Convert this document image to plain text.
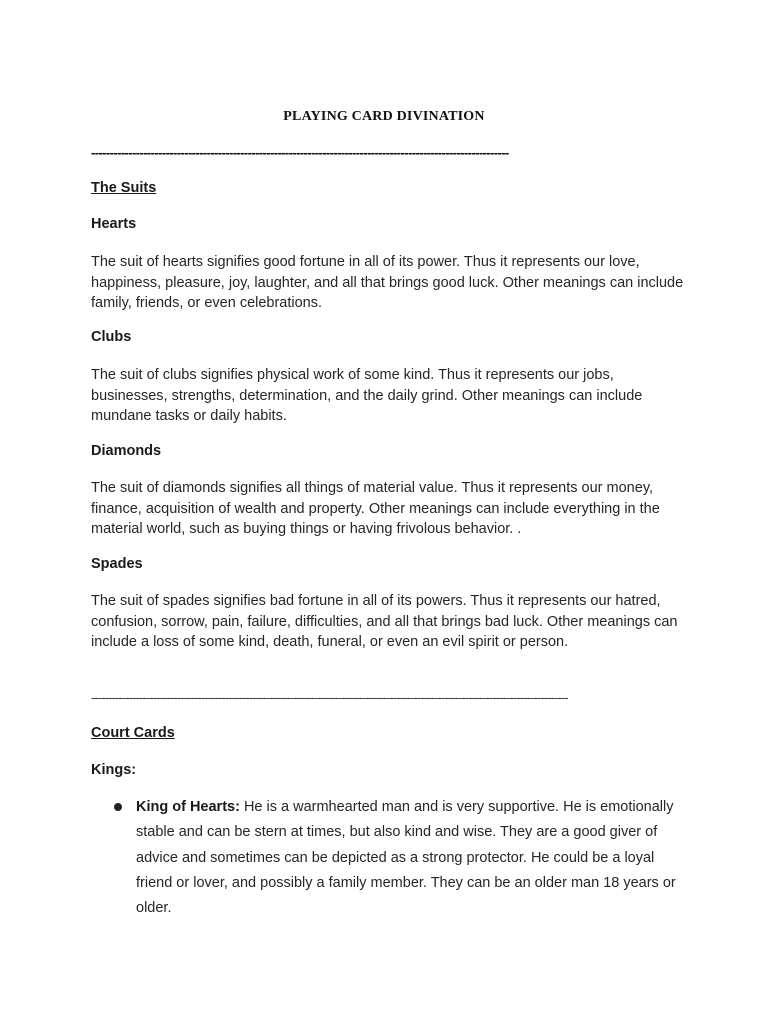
PLAYING CARD DIVINATION
----------------------------------------------------------------------------------------------------------------
The Suits
Hearts
The suit of hearts signifies good fortune in all of its power. Thus it represents our love, happiness, pleasure, joy, laughter, and all that brings good luck. Other meanings can include family, friends, or even celebrations.
Clubs
The suit of clubs signifies physical work of some kind. Thus it represents our jobs, businesses, strengths, determination, and the daily grind. Other meanings can include mundane tasks or daily habits.
Diamonds
The suit of diamonds signifies all things of material value. Thus it represents our money, finance, acquisition of wealth and property. Other meanings can include everything in the material world, such as buying things or having frivolous behavior. .
Spades
The suit of spades signifies bad fortune in all of its powers. Thus it represents our hatred, confusion, sorrow, pain, failure, difficulties, and all that brings bad luck. Other meanings can include a loss of some kind, death, funeral, or even an evil spirit or person.
-------------------------------------------------------------------------------------------------------------------------------------------
Court Cards
Kings:
King of Hearts: He is a warmhearted man and is very supportive. He is emotionally stable and can be stern at times, but also kind and wise. They are a good giver of advice and sometimes can be depicted as a strong protector. He could be a loyal friend or lover, and possibly a family member. They can be an older man 18 years or older.
